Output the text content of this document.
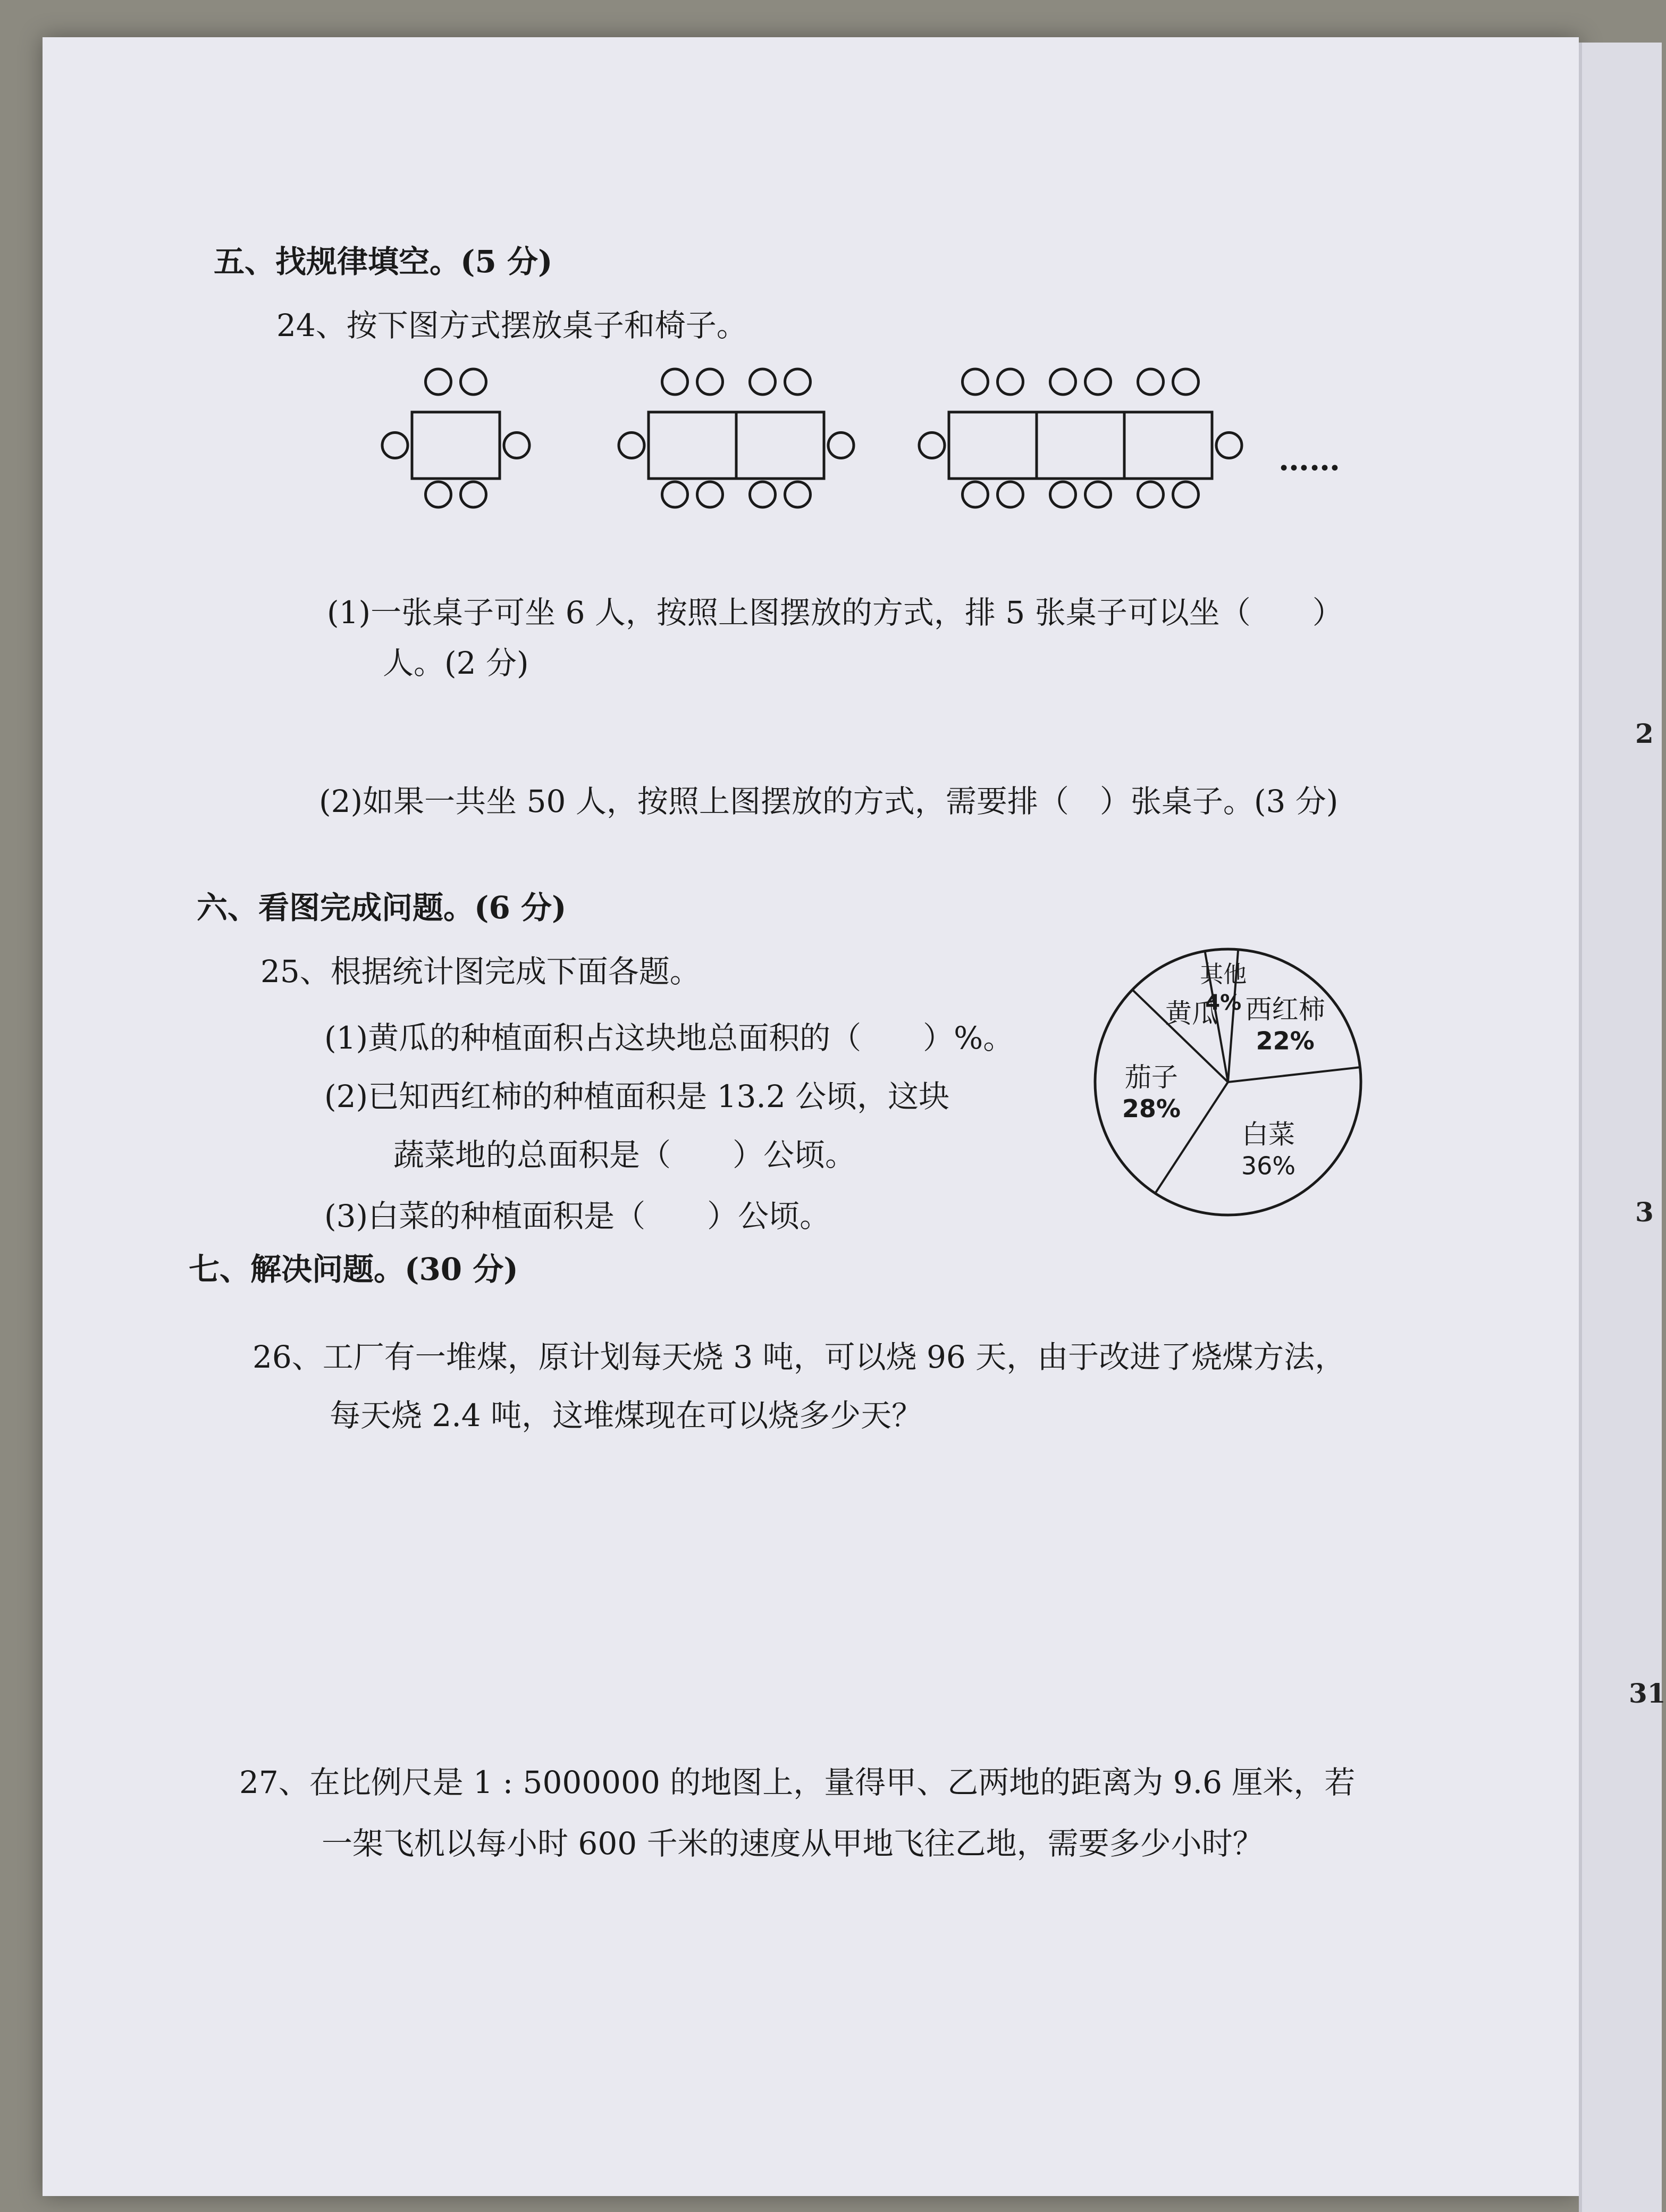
五、找规律填空。(5 分)
24、按下图方式摆放桌子和椅子。
……
(1)一张桌子可坐 6 人，按照上图摆放的方式，排 5 张桌子可以坐（　　）
人。(2 分)
(2)如果一共坐 50 人，按照上图摆放的方式，需要排（　）张桌子。(3 分)
六、看图完成问题。(6 分)
25、根据统计图完成下面各题。
(1)黄瓜的种植面积占这块地总面积的（　　）%。
(2)已知西红柿的种植面积是 13.2 公顷，这块
蔬菜地的总面积是（　　）公顷。
(3)白菜的种植面积是（　　）公顷。
其他
4% 西红柿
22%
白菜
36%
茄子
28%
黄瓜
七、解决问题。(30 分)
26、工厂有一堆煤，原计划每天烧 3 吨，可以烧 96 天，由于改进了烧煤方法，
每天烧 2.4 吨，这堆煤现在可以烧多少天？
27、在比例尺是 1 : 5000000 的地图上，量得甲、乙两地的距离为 9.6 厘米，若
一架飞机以每小时 600 千米的速度从甲地飞往乙地，需要多少小时？
2
3
31
